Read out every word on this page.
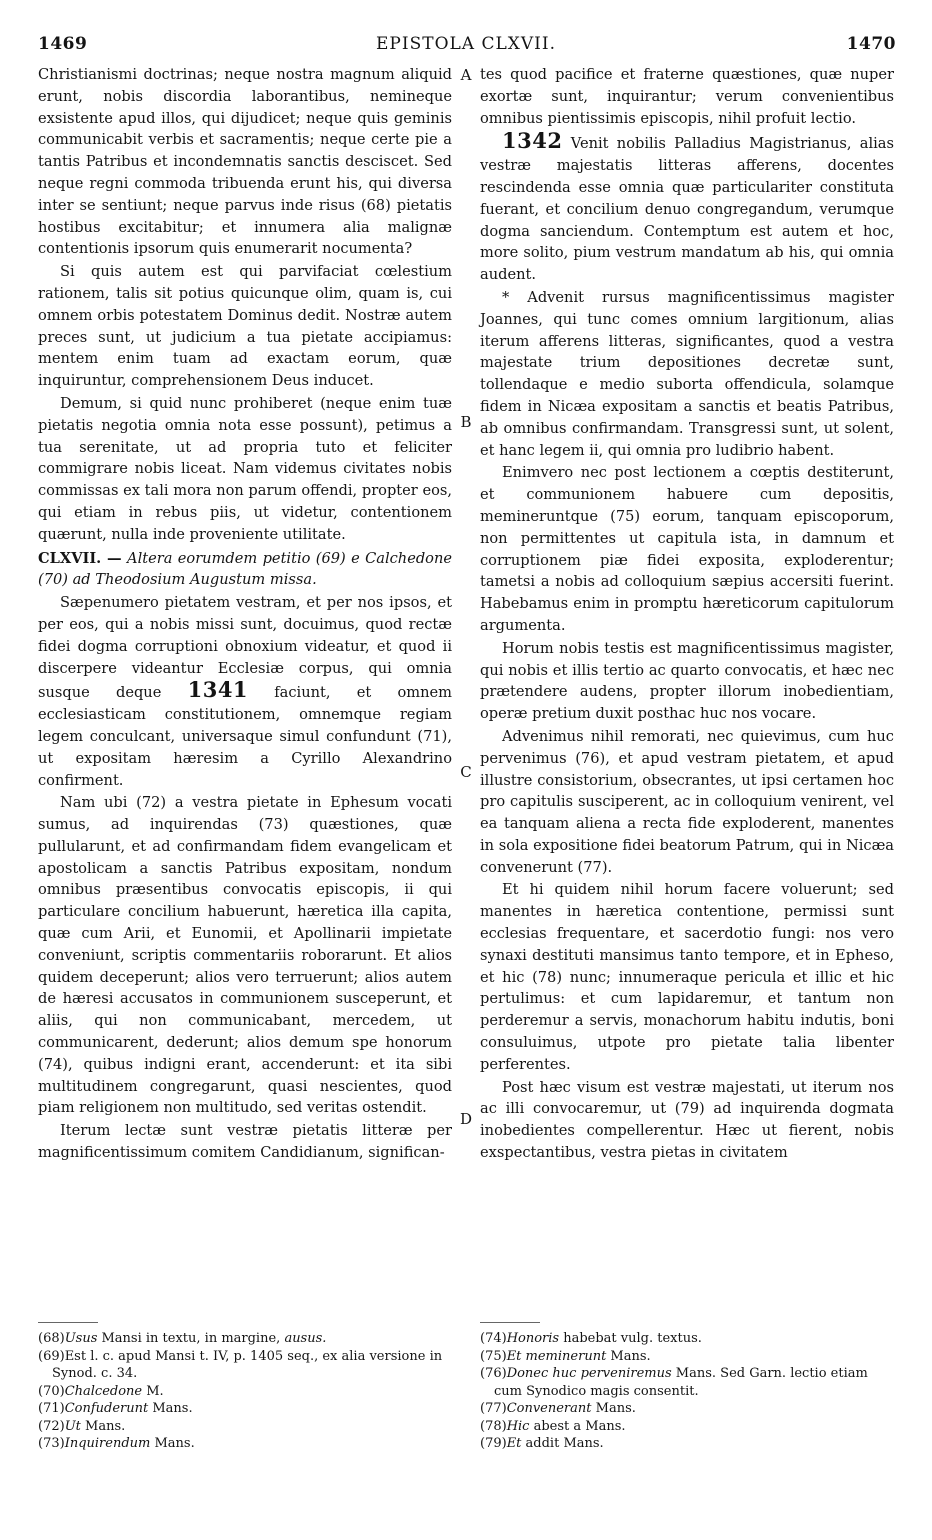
1469	EPISTOLA CLXVII.	1470
A
B
C
D

Christianismi doctrinas; neque nostra magnum aliquid erunt, nobis discordia laborantibus, nemineque exsistente apud illos, qui dijudicet; neque quis geminis communicabit verbis et sacramentis; neque certe pie a tantis Patribus et incondemnatis sanctis desciscet. Sed neque regni commoda tribuenda erunt his, qui diversa inter se sentiunt; neque parvus inde risus (68) pietatis hostibus excitabitur; et innumera alia malignæ contentionis ipsorum quis enumerarit nocumenta?

Si quis autem est qui parvifaciat cœlestium rationem, talis sit potius quicunque olim, quam is, cui omnem orbis potestatem Dominus dedit. Nostræ autem preces sunt, ut judicium a tua pietate accipiamus: mentem enim tuam ad exactam eorum, quæ inquiruntur, comprehensionem Deus inducet.

Demum, si quid nunc prohiberet (neque enim tuæ pietatis negotia omnia nota esse possunt), petimus a tua serenitate, ut ad propria tuto et feliciter commigrare nobis liceat. Nam videmus civitates nobis commissas ex tali mora non parum offendi, propter eos, qui etiam in rebus piis, ut videtur, contentionem quærunt, nulla inde proveniente utilitate.

CLXVII. — Altera eorumdem petitio (69) e Calchedone (70) ad Theodosium Augustum missa.

Sæpenumero pietatem vestram, et per nos ipsos, et per eos, qui a nobis missi sunt, docuimus, quod rectæ fidei dogma corruptioni obnoxium videatur, et quod ii discerpere videantur Ecclesiæ corpus, qui omnia susque deque 1341 faciunt, et omnem ecclesiasticam constitutionem, omnemque regiam legem conculcant, universaque simul confundunt (71), ut expositam hæresim a Cyrillo Alexandrino confirment.

Nam ubi (72) a vestra pietate in Ephesum vocati sumus, ad inquirendas (73) quæstiones, quæ pullularunt, et ad confirmandam fidem evangelicam et apostolicam a sanctis Patribus expositam, nondum omnibus præsentibus convocatis episcopis, ii qui particulare concilium habuerunt, hæretica illa capita, quæ cum Arii, et Eunomii, et Apollinarii impietate conveniunt, scriptis commentariis roborarunt. Et alios quidem deceperunt; alios vero terruerunt; alios autem de hæresi accusatos in communionem susceperunt, et aliis, qui non communicabant, mercedem, ut communicarent, dederunt; alios demum spe honorum (74), quibus indigni erant, accenderunt: et ita sibi multitudinem congregarunt, quasi nescientes, quod piam religionem non multitudo, sed veritas ostendit.

Iterum lectæ sunt vestræ pietatis litteræ per magnificentissimum comitem Candidianum, significan-

tes quod pacifice et fraterne quæstiones, quæ nuper exortæ sunt, inquirantur; verum convenientibus omnibus pientissimis episcopis, nihil profuit lectio.

1342 Venit nobilis Palladius Magistrianus, alias vestræ majestatis litteras afferens, docentes rescindenda esse omnia quæ particulariter constituta fuerant, et concilium denuo congregandum, verumque dogma sanciendum. Contemptum est autem et hoc, more solito, pium vestrum mandatum ab his, qui omnia audent.

* Advenit rursus magnificentissimus magister Joannes, qui tunc comes omnium largitionum, alias iterum afferens litteras, significantes, quod a vestra majestate trium depositiones decretæ sunt, tollendaque e medio suborta offendicula, solamque fidem in Nicæa expositam a sanctis et beatis Patribus, ab omnibus confirmandam. Transgressi sunt, ut solent, et hanc legem ii, qui omnia pro ludibrio habent.

Enimvero nec post lectionem a cœptis destiterunt, et communionem habuere cum depositis, memineruntque (75) eorum, tanquam episcoporum, non permittentes ut capitula ista, in damnum et corruptionem piæ fidei exposita, exploderentur; tametsi a nobis ad colloquium sæpius accersiti fuerint. Habebamus enim in promptu hæreticorum capitulorum argumenta.

Horum nobis testis est magnificentissimus magister, qui nobis et illis tertio ac quarto convocatis, et hæc nec prætendere audens, propter illorum inobedientiam, operæ pretium duxit posthac huc nos vocare.

Advenimus nihil remorati, nec quievimus, cum huc pervenimus (76), et apud vestram pietatem, et apud illustre consistorium, obsecrantes, ut ipsi certamen hoc pro capitulis susciperent, ac in colloquium venirent, vel ea tanquam aliena a recta fide exploderent, manentes in sola expositione fidei beatorum Patrum, qui in Nicæa convenerunt (77).

Et hi quidem nihil horum facere voluerunt; sed manentes in hæretica contentione, permissi sunt ecclesias frequentare, et sacerdotio fungi: nos vero synaxi destituti mansimus tanto tempore, et in Epheso, et hic (78) nunc; innumeraque pericula et illic et hic pertulimus: et cum lapidaremur, et tantum non perderemur a servis, monachorum habitu indutis, boni consuluimus, utpote pro pietate talia libenter perferentes.

Post hæc visum est vestræ majestati, ut iterum nos ac illi convocaremur, ut (79) ad inquirenda dogmata inobedientes compellerentur. Hæc ut fierent, nobis exspectantibus, vestra pietas in civitatem

(68)Usus Mansi in textu, in margine, ausus.

(69)Est l. c. apud Mansi t. IV, p. 1405 seq., ex alia versione in Synod. c. 34.

(70)Chalcedone M.

(71)Confuderunt Mans.

(72)Ut Mans.

(73)Inquirendum Mans.

(74)Honoris habebat vulg. textus.

(75)Et meminerunt Mans.

(76)Donec huc perveniremus Mans. Sed Garn. lectio etiam cum Synodico magis consentit.

(77)Convenerant Mans.

(78)Hic abest a Mans.

(79)Et addit Mans.
